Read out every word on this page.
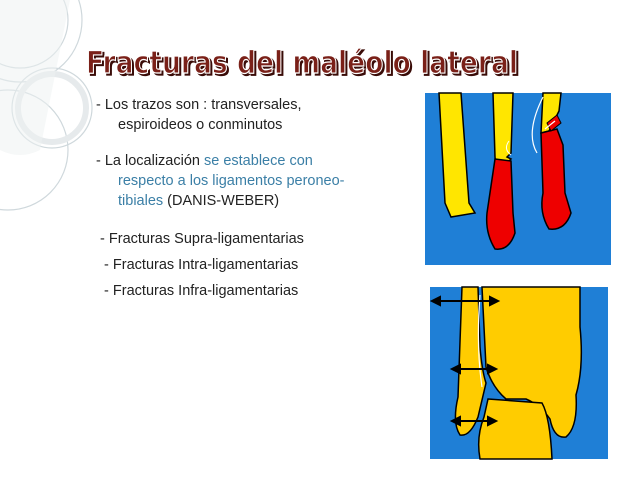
Fracturas del maléolo lateral

- Los trazos son : transversales,

espiroideos o conminutos

- La localización se establece con

respecto a los ligamentos peroneo-

tibiales (DANIS-WEBER)

- Fracturas Supra-ligamentarias

- Fracturas Intra-ligamentarias

- Fracturas Infra-ligamentarias
